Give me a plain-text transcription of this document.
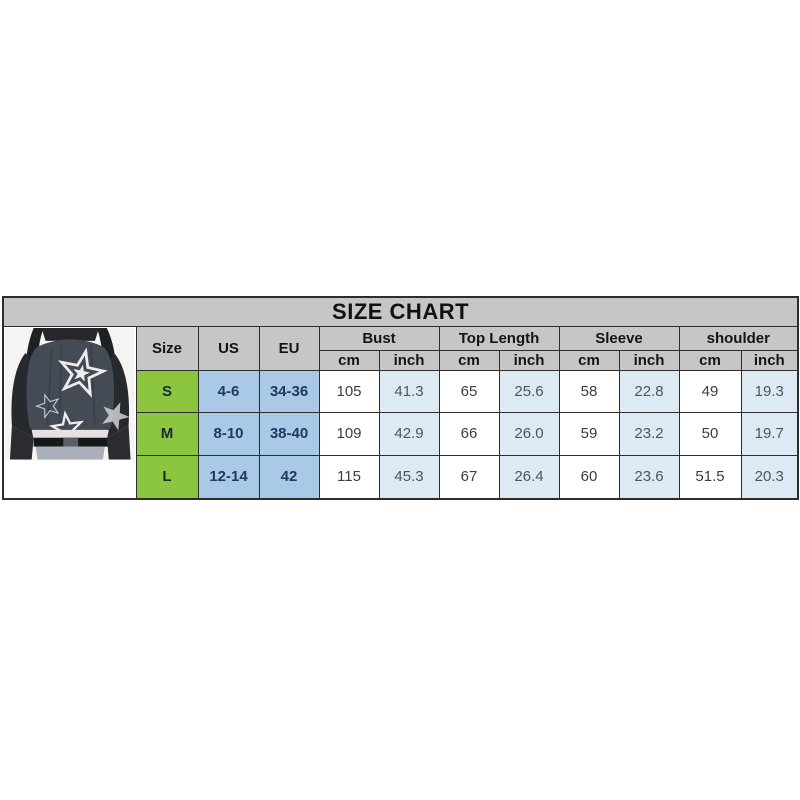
SIZE CHART											

	Size	US	EU	Bust		Top Length		Sleeve		shoulder	
				cm	inch	cm	inch	cm	inch	cm	inch
	S	4-6	34-36	105	41.3	65	25.6	58	22.8	49	19.3
	M	8-10	38-40	109	42.9	66	26.0	59	23.2	50	19.7
	L	12-14	42	115	45.3	67	26.4	60	23.6	51.5	20.3
